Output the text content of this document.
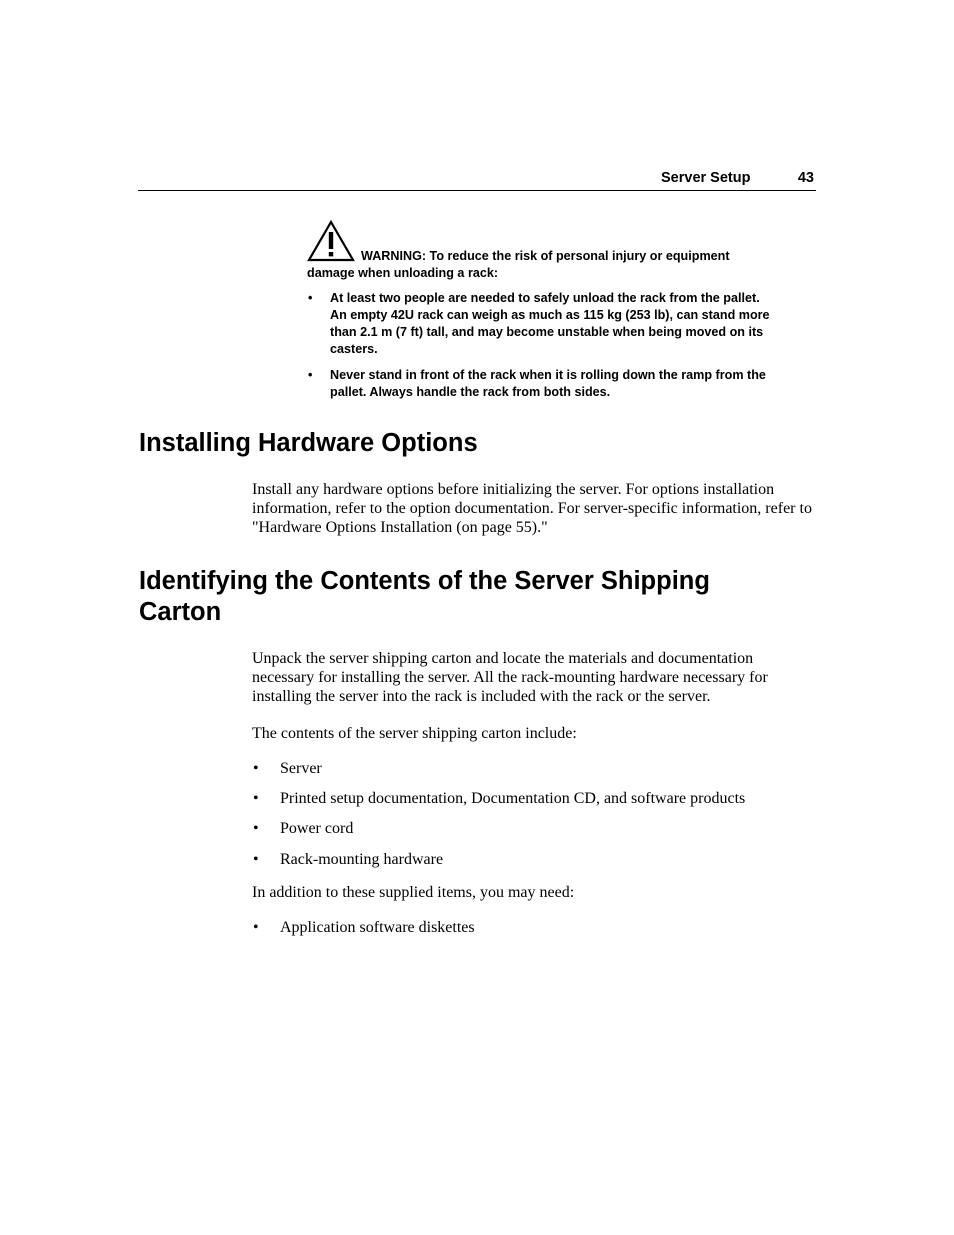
Server Setup	43

WARNING: To reduce the risk of personal injury or equipment damage when unloading a rack:

• At least two people are needed to safely unload the rack from the pallet. An empty 42U rack can weigh as much as 115 kg (253 lb), can stand more than 2.1 m (7 ft) tall, and may become unstable when being moved on its casters.
• Never stand in front of the rack when it is rolling down the ramp from the pallet. Always handle the rack from both sides.
Installing Hardware Options

Install any hardware options before initializing the server. For options installation information, refer to the option documentation. For server-specific information, refer to "Hardware Options Installation (on page 55)."

Identifying the Contents of the Server Shipping
Carton

Unpack the server shipping carton and locate the materials and documentation necessary for installing the server. All the rack-mounting hardware necessary for installing the server into the rack is included with the rack or the server.

The contents of the server shipping carton include:

• Server
• Printed setup documentation, Documentation CD, and software products
• Power cord
• Rack-mounting hardware

In addition to these supplied items, you may need:

• Application software diskettes
